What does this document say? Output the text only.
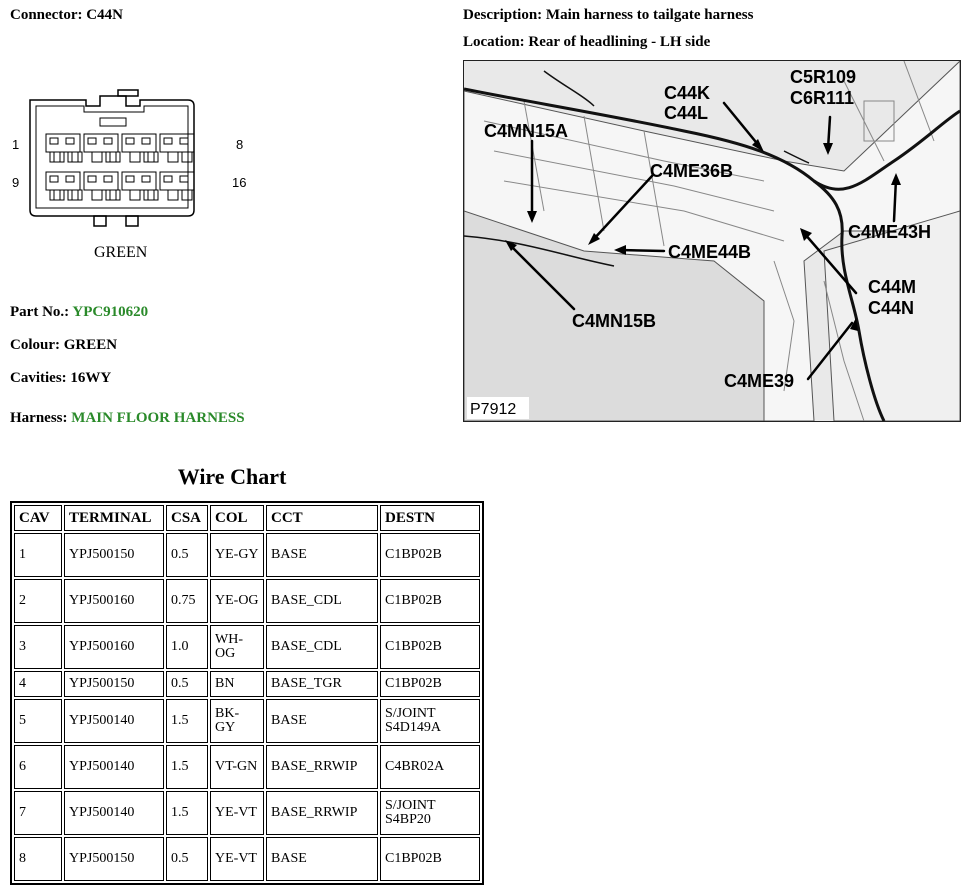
Connector: C44N	Description: Main harness to tailgate harness
Location: Rear of headlining - LH side
1	8
9	16
GREEN
Part No.: YPC910620
Colour: GREEN
Cavities: 16WY
Harness: MAIN FLOOR HARNESS
C44K
C44L
C5R109
C6R111
C4MN15A
C4ME36B
C4ME43H
C4ME44B
C44M
C44N
C4MN15B
C4ME39
P7912
Wire Chart
CAV	TERMINAL	CSA	COL	CCT	DESTN
1	YPJ500150	0.5	YE-GY	BASE	C1BP02B
2	YPJ500160	0.75	YE-OG	BASE_CDL	C1BP02B
3	YPJ500160	1.0	WH-OG	BASE_CDL	C1BP02B
4	YPJ500150	0.5	BN	BASE_TGR	C1BP02B
5	YPJ500140	1.5	BK-GY	BASE	S/JOINT S4D149A
6	YPJ500140	1.5	VT-GN	BASE_RRWIP	C4BR02A
7	YPJ500140	1.5	YE-VT	BASE_RRWIP	S/JOINT S4BP20
8	YPJ500150	0.5	YE-VT	BASE	C1BP02B
